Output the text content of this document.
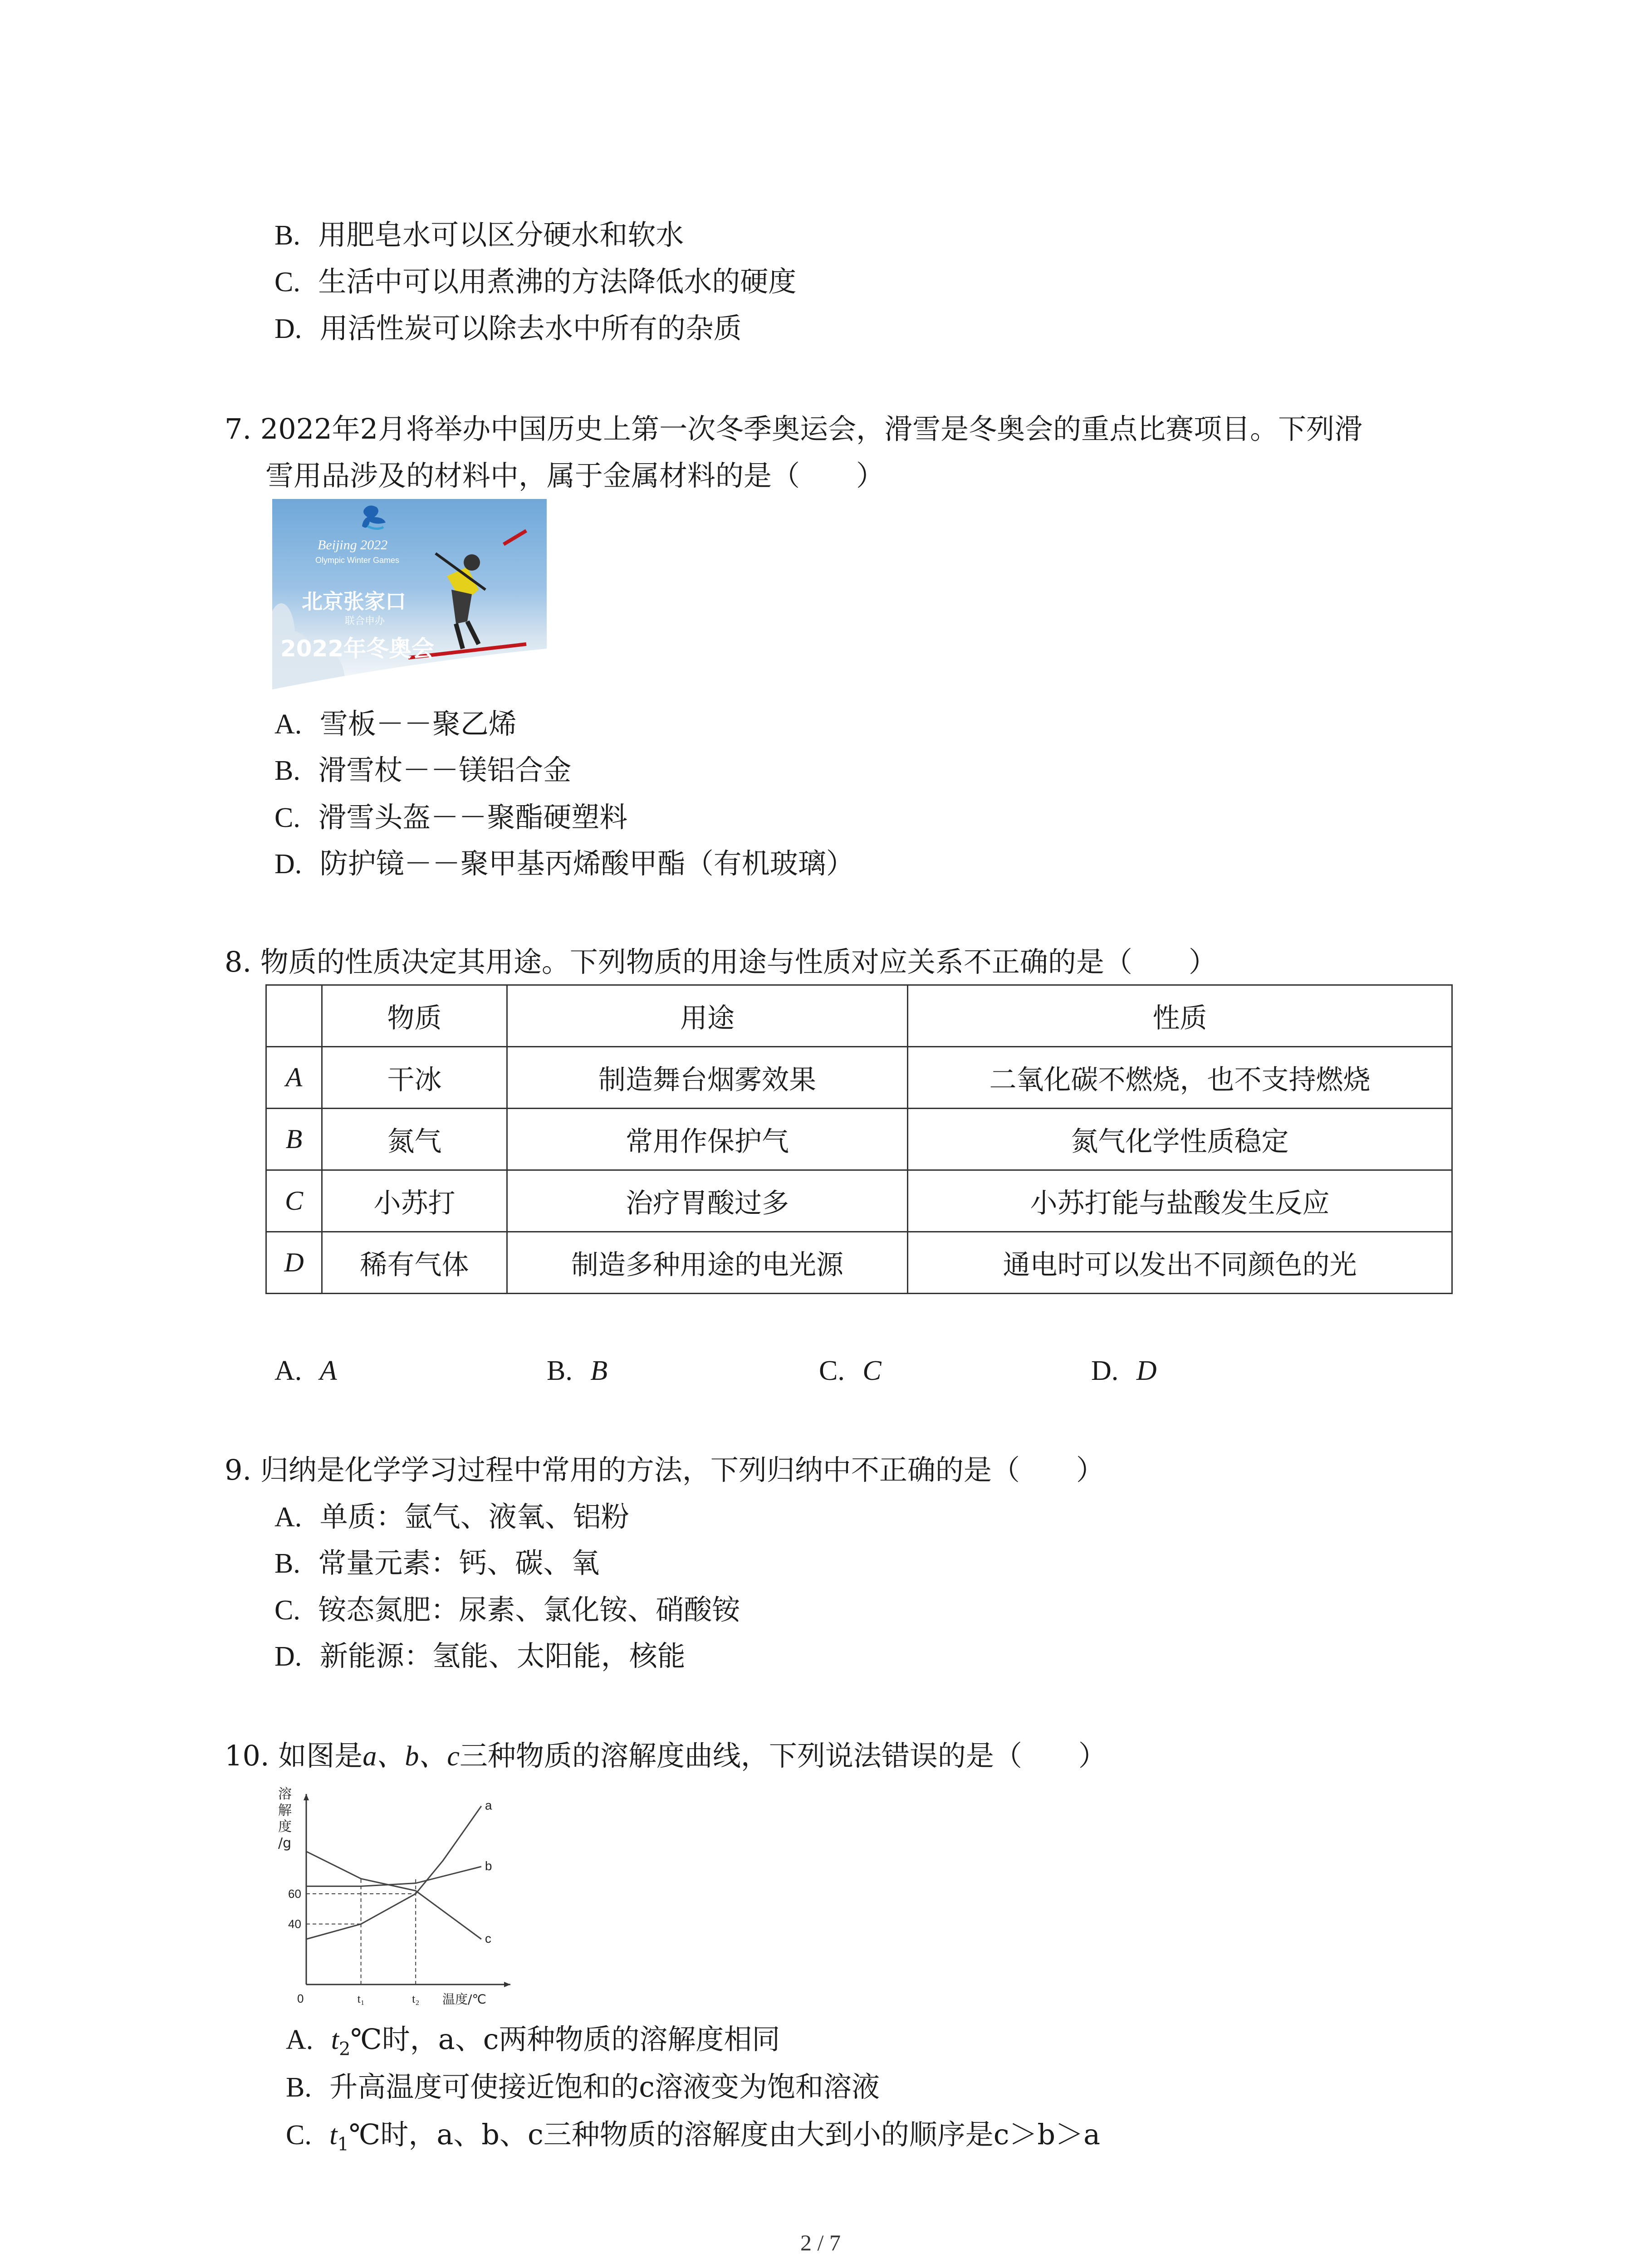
B. 用肥皂水可以区分硬水和软水
C. 生活中可以用煮沸的方法降低水的硬度
D. 用活性炭可以除去水中所有的杂质
7. 2022年2月将举办中国历史上第一次冬季奥运会，滑雪是冬奥会的重点比赛项目。下列滑
雪用品涉及的材料中，属于金属材料的是（　　）
Beijing 2022
Olympic Winter Games
北京张家口
联合申办
2022年冬奥会
A. 雪板－－聚乙烯
B. 滑雪杖－－镁铝合金
C. 滑雪头盔－－聚酯硬塑料
D. 防护镜－－聚甲基丙烯酸甲酯（有机玻璃）
8. 物质的性质决定其用途。下列物质的用途与性质对应关系不正确的是（　　）
	物质	用途	性质
A	干冰	制造舞台烟雾效果	二氧化碳不燃烧，也不支持燃烧
B	氮气	常用作保护气	氮气化学性质稳定
C	小苏打	治疗胃酸过多	小苏打能与盐酸发生反应
D	稀有气体	制造多种用途的电光源	通电时可以发出不同颜色的光
A. A	B. B	C. C	D. D
9. 归纳是化学学习过程中常用的方法，下列归纳中不正确的是（　　）
A. 单质：氩气、液氧、铝粉
B. 常量元素：钙、碳、氧
C. 铵态氮肥：尿素、氯化铵、硝酸铵
D. 新能源：氢能、太阳能，核能
10. 如图是a、b、c三种物质的溶解度曲线，下列说法错误的是（　　）
a
b
c
t₁	t₂
60
40
0
溶
解
度
/g
温度/℃
A. $t_2℃$时，a、c两种物质的溶解度相同
B. 升高温度可使接近饱和的c溶液变为饱和溶液
C. $t_1℃$时，a、b、c三种物质的溶解度由大到小的顺序是c＞b＞a
2 / 7
